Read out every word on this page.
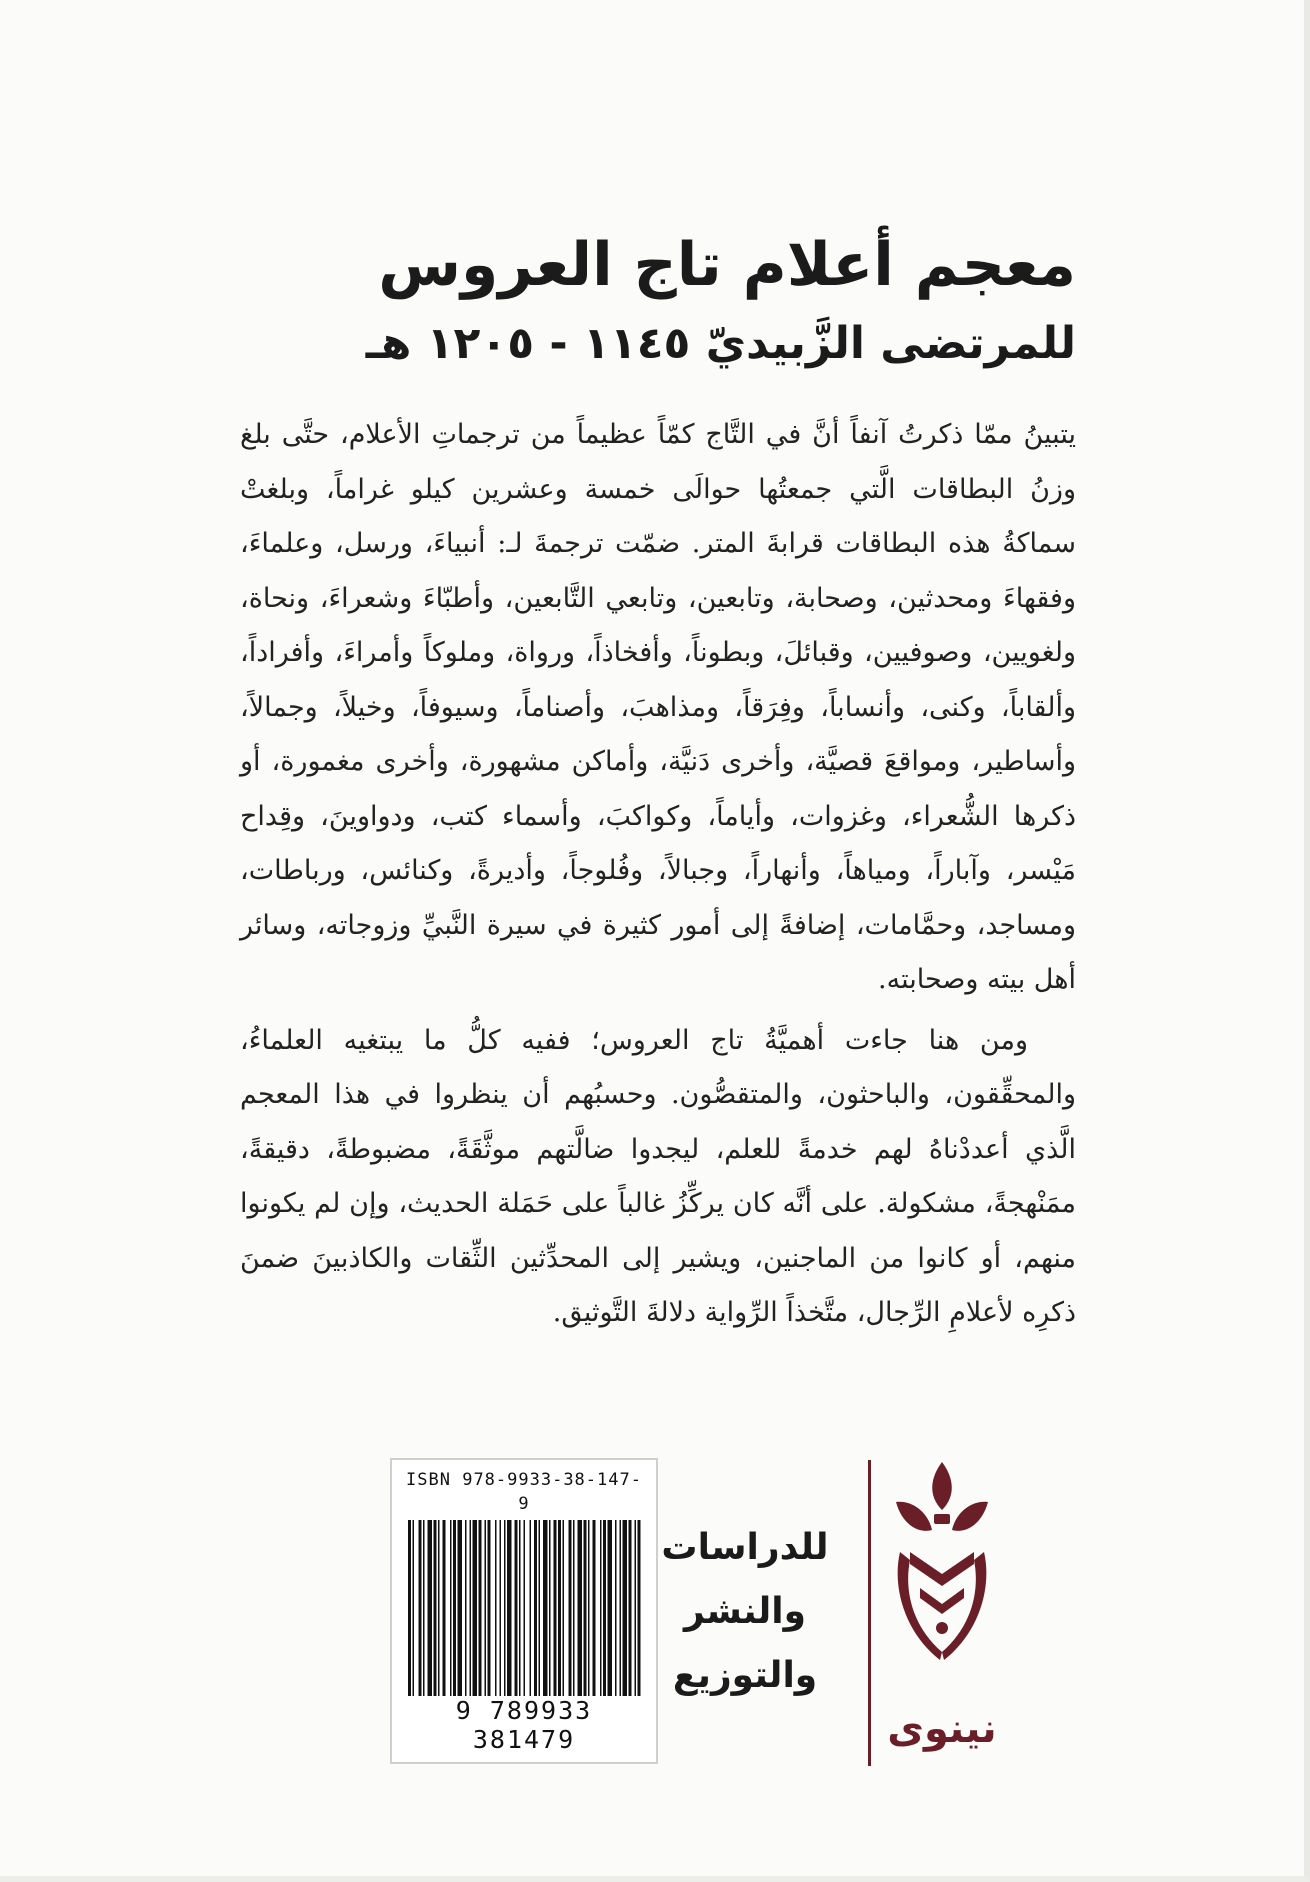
معجم أعلام تاج العروس
للمرتضى الزَّبيديّ ١١٤٥ - ١٢٠٥ هـ

يتبينُ ممّا ذكرتُ آنفاً أنَّ في التَّاج كمّاً عظيماً من ترجماتِ الأعلام، حتَّى بلغ وزنُ البطاقات الَّتي جمعتُها حوالَى خمسة وعشرين كيلو غراماً، وبلغتْ سماكةُ هذه البطاقات قرابةَ المتر. ضمّت ترجمةَ لـ: أنبياءَ، ورسل، وعلماءَ، وفقهاءَ ومحدثين، وصحابة، وتابعين، وتابعي التَّابعين، وأطبّاءَ وشعراءَ، ونحاة، ولغويين، وصوفيين، وقبائلَ، وبطوناً، وأفخاذاً، ورواة، وملوكاً وأمراءَ، وأفراداً، وألقاباً، وكنى، وأنساباً، وفِرَقاً، ومذاهبَ، وأصناماً، وسيوفاً، وخيلاً، وجمالاً، وأساطير، ومواقعَ قصيَّة، وأخرى دَنيَّة، وأماكن مشهورة، وأخرى مغمورة، أو ذكرها الشُّعراء، وغزوات، وأياماً، وكواكبَ، وأسماء كتب، ودواوينَ، وقِداح مَيْسر، وآباراً، ومياهاً، وأنهاراً، وجبالاً، وفُلوجاً، وأديرةً، وكنائس، ورباطات، ومساجد، وحمَّامات، إضافةً إلى أمور كثيرة في سيرة النَّبيِّ وزوجاته، وسائر أهل بيته وصحابته.

ومن هنا جاءت أهميَّةُ تاج العروس؛ ففيه كلُّ ما يبتغيه العلماءُ، والمحقِّقون، والباحثون، والمتقصُّون. وحسبُهم أن ينظروا في هذا المعجم الَّذي أعددْناهُ لهم خدمةً للعلم، ليجدوا ضالَّتهم موثَّقَةً، مضبوطةً، دقيقةً، ممَنْهجةً، مشكولة. على أنَّه كان يركِّزُ غالباً على حَمَلة الحديث، وإن لم يكونوا منهم، أو كانوا من الماجنين، ويشير إلى المحدِّثين الثِّقات والكاذبينَ ضمنَ ذكرِه لأعلامِ الرِّجال، متَّخذاً الرِّواية دلالةَ التَّوثيق.

ISBN 978-9933-38-147-9
9 789933 381479
للدراسات
والنشر
والتوزيع
نينوى
